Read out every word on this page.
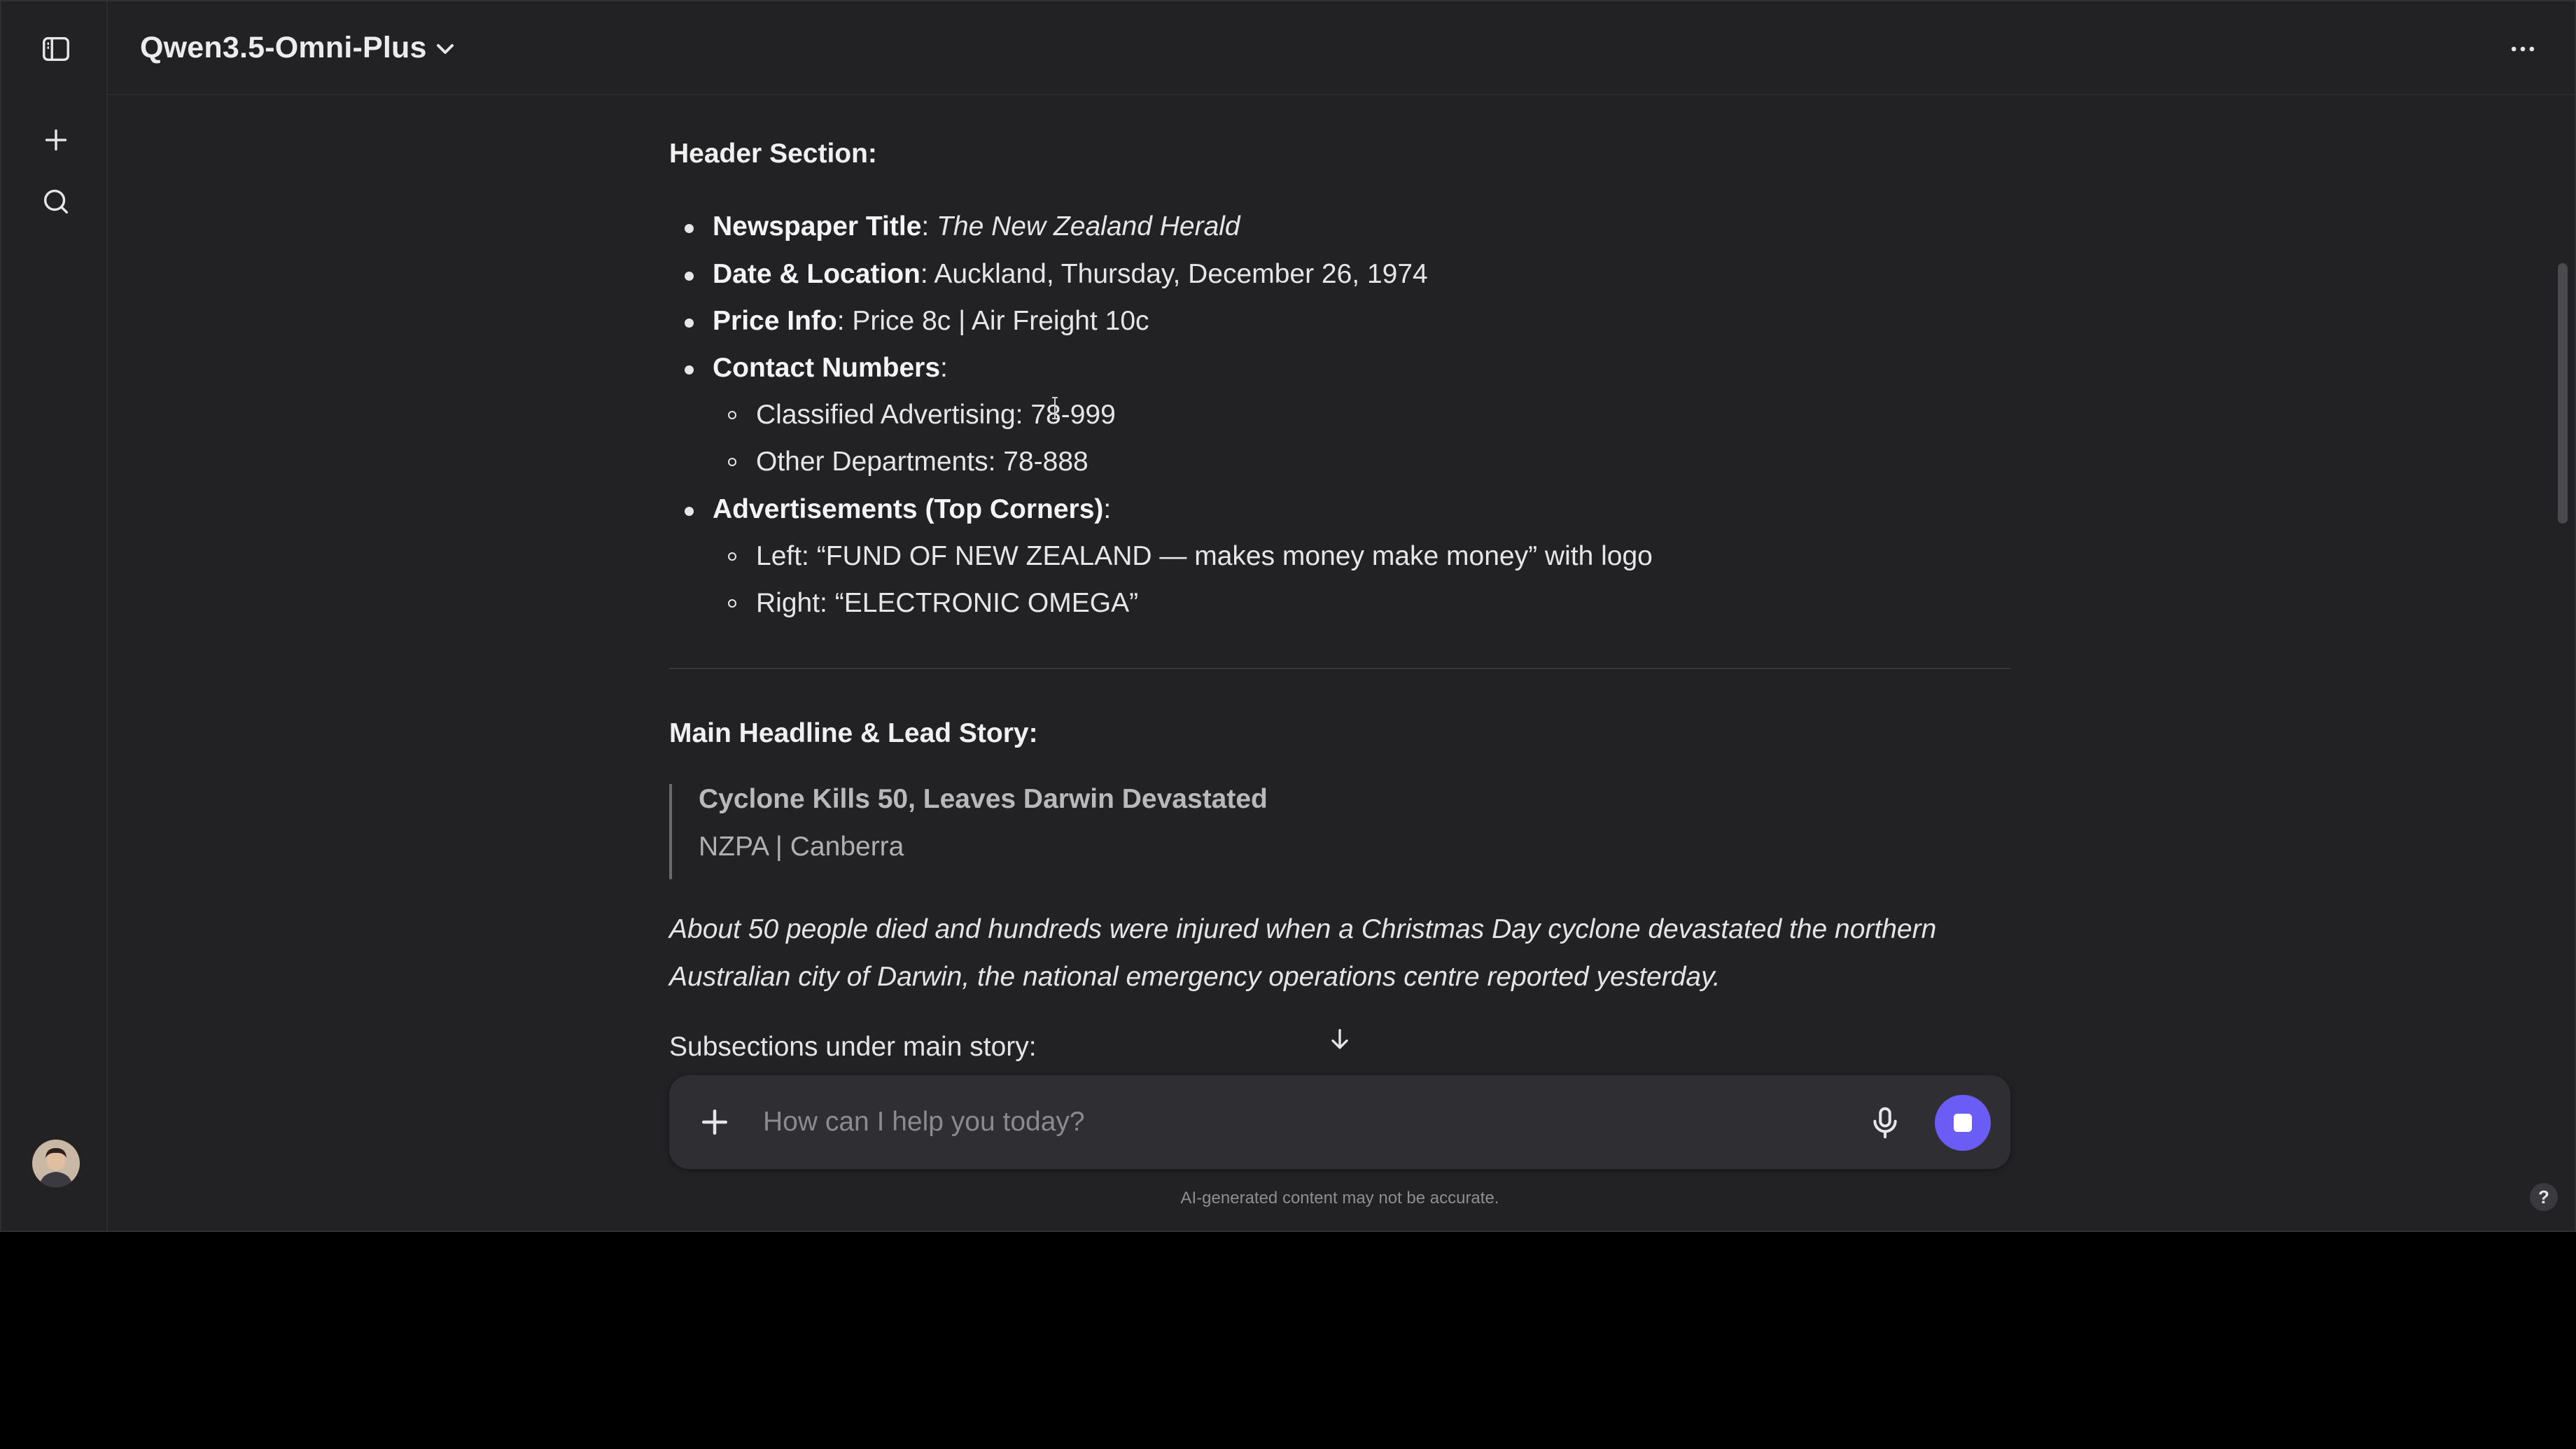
Qwen3.5-Omni-Plus
Header Section:
Newspaper Title: The New Zealand Herald
Date & Location: Auckland, Thursday, December 26, 1974
Price Info: Price 8c | Air Freight 10c
Contact Numbers:
Classified Advertising: 78-999
Other Departments: 78-888
Advertisements (Top Corners):
Left: “FUND OF NEW ZEALAND — makes money make money” with logo
Right: “ELECTRONIC OMEGA”
Main Headline & Lead Story:
Cyclone Kills 50, Leaves Darwin Devastated
NZPA | Canberra
About 50 people died and hundreds were injured when a Christmas Day cyclone devastated the northern Australian city of Darwin, the national emergency operations centre reported yesterday.
Subsections under main story:
How can I help you today?
AI-generated content may not be accurate.	?
